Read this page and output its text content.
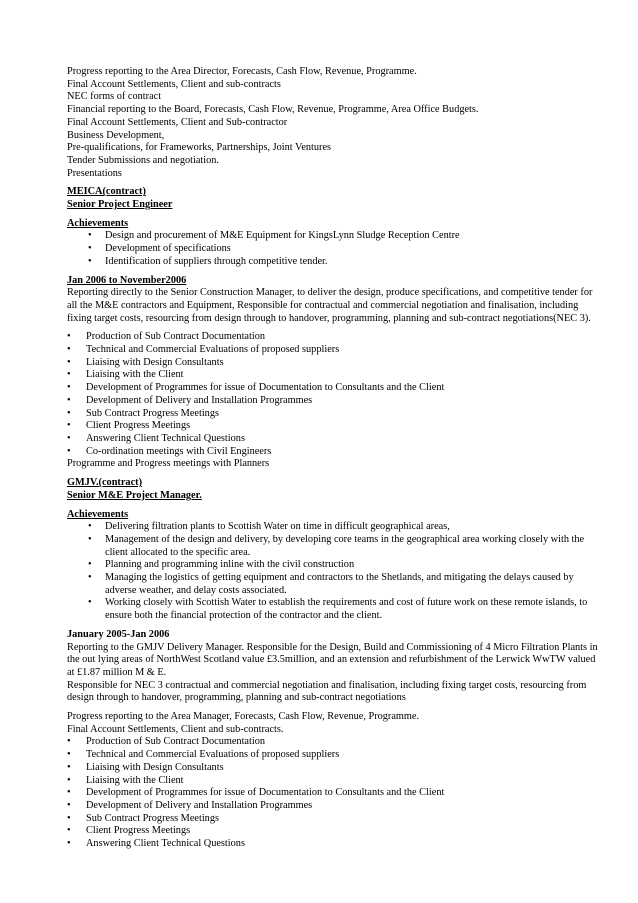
Progress reporting to the Area Director, Forecasts, Cash Flow, Revenue, Programme.
Final Account Settlements, Client and sub-contracts
NEC forms of contract
Financial reporting to the Board, Forecasts, Cash Flow, Revenue, Programme, Area Office Budgets.
Final Account Settlements, Client and Sub-contractor
Business Development,
Pre-qualifications, for Frameworks, Partnerships, Joint Ventures
Tender Submissions and negotiation.
Presentations
MEICA(contract)
Senior Project Engineer
Achievements
• Design and procurement of M&E Equipment for KingsLynn Sludge Reception Centre
• Development of specifications
• Identification of suppliers through competitive tender.
Jan 2006 to November2006
Reporting directly to the Senior Construction Manager, to deliver the design, produce specifications, and competitive tender for
all the M&E contractors and Equipment, Responsible for contractual and commercial negotiation and finalisation, including
fixing target costs, resourcing from design through to handover, programming, planning and sub-contract negotiations(NEC 3).
• Production of Sub Contract Documentation
• Technical and Commercial Evaluations of proposed suppliers
• Liaising with Design Consultants
• Liaising with the Client
• Development of Programmes for issue of Documentation to Consultants and the Client
• Development of Delivery and Installation Programmes
• Sub Contract Progress Meetings
• Client Progress Meetings
• Answering Client Technical Questions
• Co-ordination meetings with Civil Engineers
Programme and Progress meetings with Planners
GMJV.(contract)
Senior M&E Project Manager.
Achievements
• Delivering filtration plants to Scottish Water on time in difficult geographical areas,
• Management of the design and delivery, by developing core teams in the geographical area working closely with the
client allocated to the specific area.
• Planning and programming inline with the civil construction
• Managing the logistics of getting equipment and contractors to the Shetlands, and mitigating the delays caused by
adverse weather, and delay costs associated.
• Working closely with Scottish Water to establish the requirements and cost of future work on these remote islands, to
ensure both the financial protection of the contractor and the client.
January 2005-Jan 2006
Reporting to the GMJV Delivery Manager. Responsible for the Design, Build and Commissioning of 4 Micro Filtration Plants in
the out lying areas of NorthWest Scotland value £3.5million, and an extension and refurbishment of the Lerwick WwTW valued
at £1.87 million M & E.
Responsible for NEC 3 contractual and commercial negotiation and finalisation, including fixing target costs, resourcing from
design through to handover, programming, planning and sub-contract negotiations
Progress reporting to the Area Manager, Forecasts, Cash Flow, Revenue, Programme.
Final Account Settlements, Client and sub-contracts.
• Production of Sub Contract Documentation
• Technical and Commercial Evaluations of proposed suppliers
• Liaising with Design Consultants
• Liaising with the Client
• Development of Programmes for issue of Documentation to Consultants and the Client
• Development of Delivery and Installation Programmes
• Sub Contract Progress Meetings
• Client Progress Meetings
• Answering Client Technical Questions
